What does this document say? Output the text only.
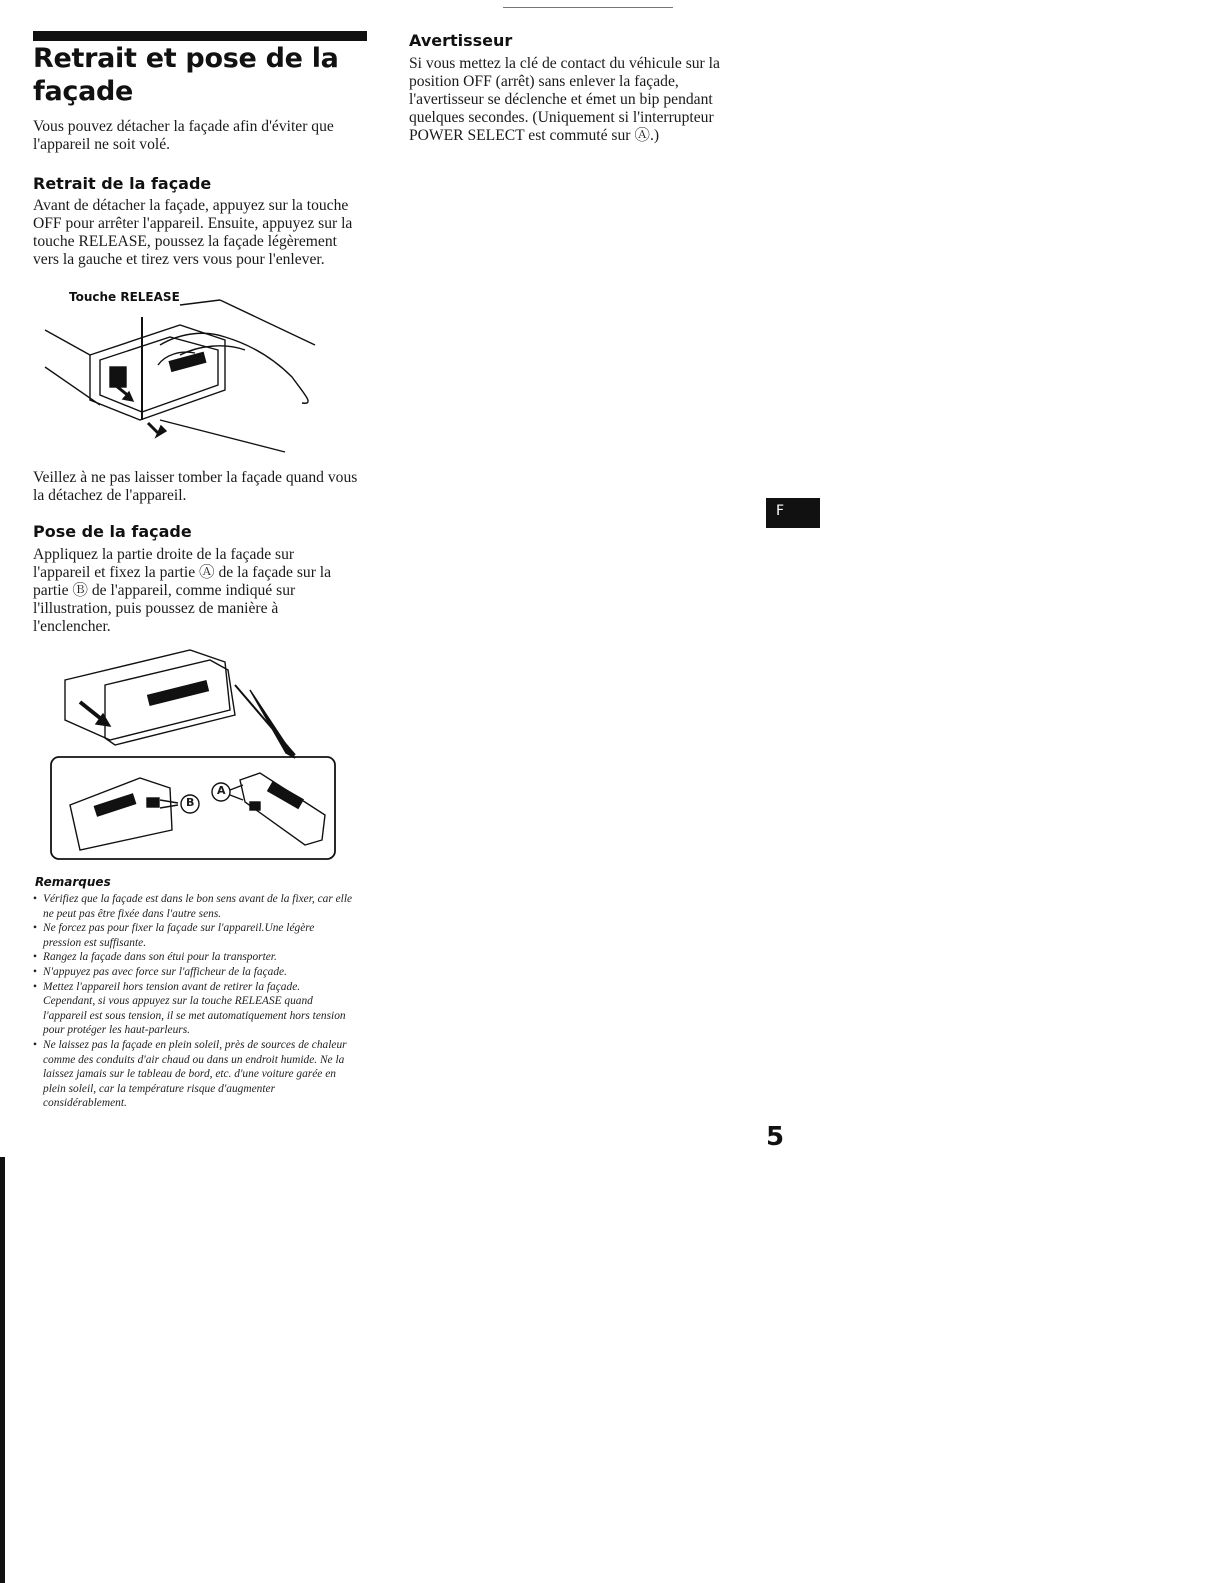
Retrait et pose de la façade

Vous pouvez détacher la façade afin d'éviter que l'appareil ne soit volé.

Retrait de la façade

Avant de détacher la façade, appuyez sur la touche OFF pour arrêter l'appareil. Ensuite, appuyez sur la touche RELEASE, poussez la façade légèrement vers la gauche et tirez vers vous pour l'enlever.

Touche RELEASE

Veillez à ne pas laisser tomber la façade quand vous la détachez de l'appareil.

Pose de la façade

Appliquez la partie droite de la façade sur l'appareil et fixez la partie Ⓐ de la façade sur la partie Ⓑ de l'appareil, comme indiqué sur l'illustration, puis poussez de manière à l'enclencher.

B
A
Remarques
• Vérifiez que la façade est dans le bon sens avant de la fixer, car elle ne peut pas être fixée dans l'autre sens.
• Ne forcez pas pour fixer la façade sur l'appareil.Une légère pression est suffisante.
• Rangez la façade dans son étui pour la transporter.
• N'appuyez pas avec force sur l'afficheur de la façade.
• Mettez l'appareil hors tension avant de retirer la façade. Cependant, si vous appuyez sur la touche RELEASE quand l'appareil est sous tension, il se met automatiquement hors tension pour protéger les haut-parleurs.
• Ne laissez pas la façade en plein soleil, près de sources de chaleur comme des conduits d'air chaud ou dans un endroit humide. Ne la laissez jamais sur le tableau de bord, etc. d'une voiture garée en plein soleil, car la température risque d'augmenter considérablement.
Avertisseur

Si vous mettez la clé de contact du véhicule sur la position OFF (arrêt) sans enlever la façade, l'avertisseur se déclenche et émet un bip pendant quelques secondes. (Uniquement si l'interrupteur POWER SELECT est commuté sur Ⓐ.)

F
5
